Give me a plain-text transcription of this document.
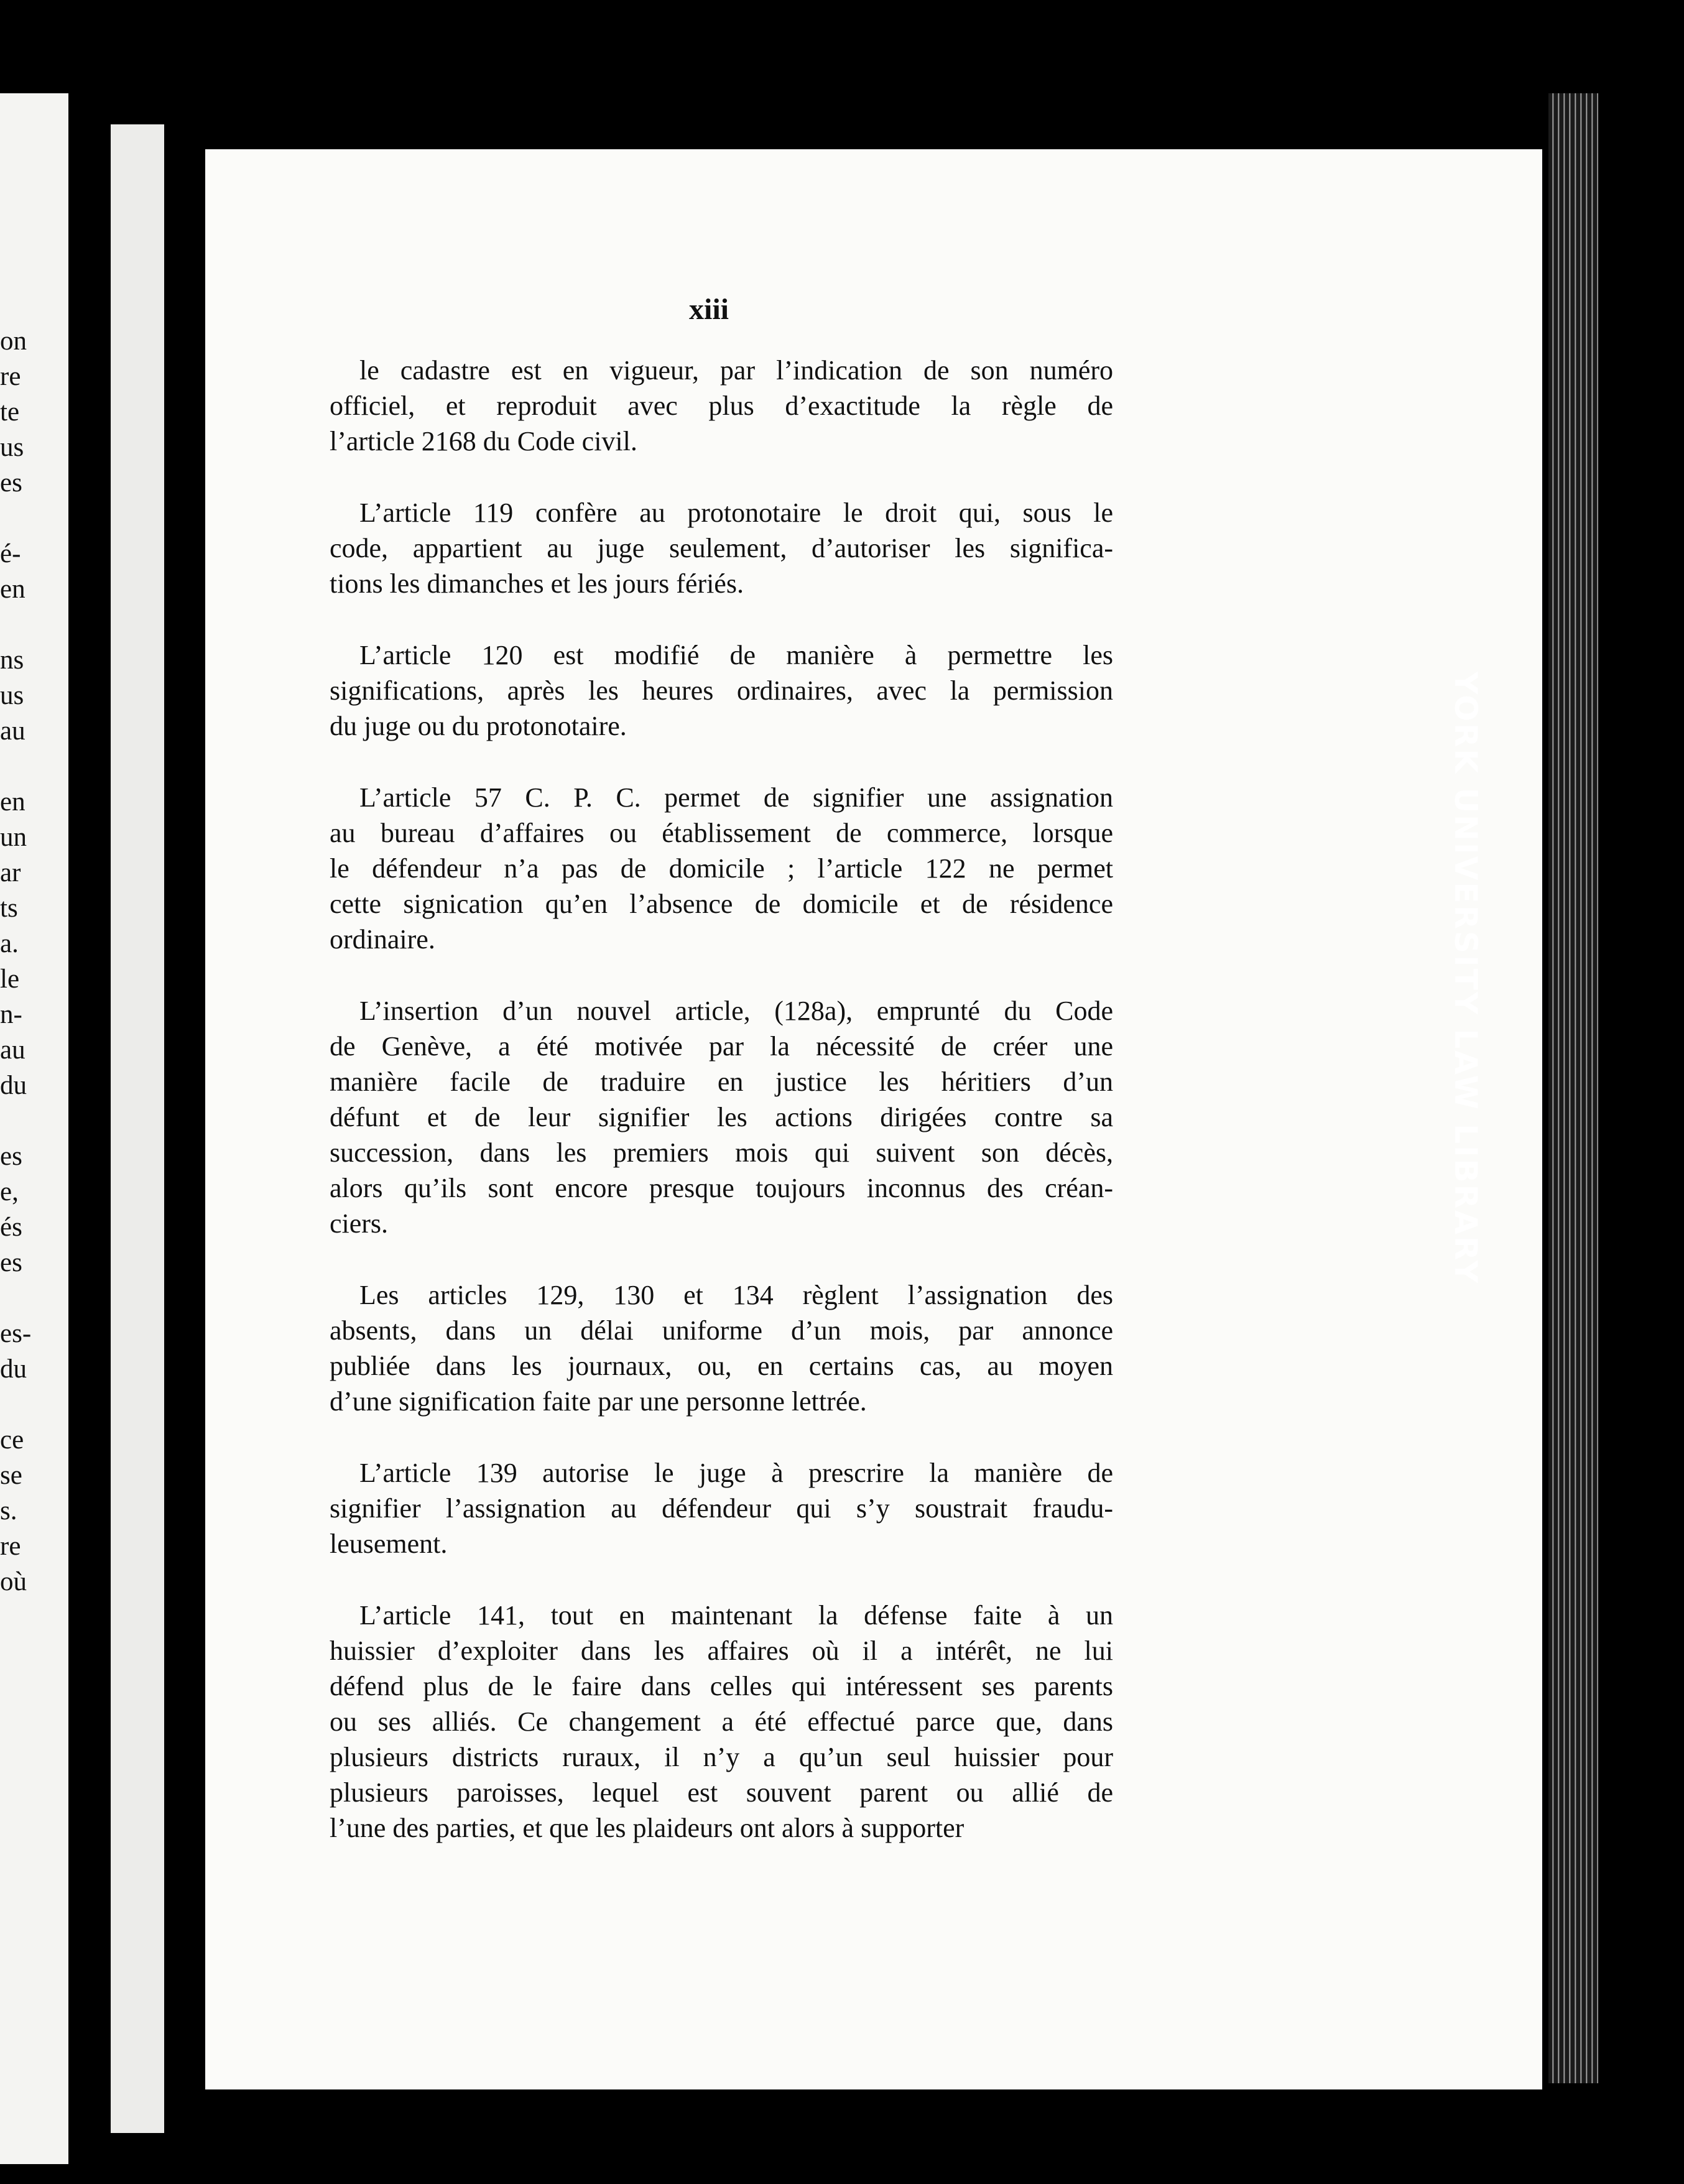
on
re
te
us
es
é-
en
ns
us
au
en
un
ar
ts
a.
le
n-
au
du
es
e,
és
es
es-
du
ce
se
s.
re
où
xiii
le cadastre est en vigueur, par l’indication de son numéro
officiel, et reproduit avec plus d’exactitude la règle de
l’article 2168 du Code civil.
L’article 119 confère au protonotaire le droit qui, sous le
code, appartient au juge seulement, d’autoriser les significa-
tions les dimanches et les jours fériés.
L’article 120 est modifié de manière à permettre les
significations, après les heures ordinaires, avec la permission
du juge ou du protonotaire.
L’article 57 C. P. C. permet de signifier une assignation
au bureau d’affaires ou établissement de commerce, lorsque
le défendeur n’a pas de domicile ; l’article 122 ne permet
cette signication qu’en l’absence de domicile et de résidence
ordinaire.
L’insertion d’un nouvel article, (128a), emprunté du Code
de Genève, a été motivée par la nécessité de créer une
manière facile de traduire en justice les héritiers d’un
défunt et de leur signifier les actions dirigées contre sa
succession, dans les premiers mois qui suivent son décès,
alors qu’ils sont encore presque toujours inconnus des créan-
ciers.
Les articles 129, 130 et 134 règlent l’assignation des
absents, dans un délai uniforme d’un mois, par annonce
publiée dans les journaux, ou, en certains cas, au moyen
d’une signification faite par une personne lettrée.
L’article 139 autorise le juge à prescrire la manière de
signifier l’assignation au défendeur qui s’y soustrait fraudu-
leusement.
L’article 141, tout en maintenant la défense faite à un
huissier d’exploiter dans les affaires où il a intérêt, ne lui
défend plus de le faire dans celles qui intéressent ses parents
ou ses alliés. Ce changement a été effectué parce que, dans
plusieurs districts ruraux, il n’y a qu’un seul huissier pour
plusieurs paroisses, lequel est souvent parent ou allié de
l’une des parties, et que les plaideurs ont alors à supporter
YORK UNIVERSITY LAW LIBRARY
